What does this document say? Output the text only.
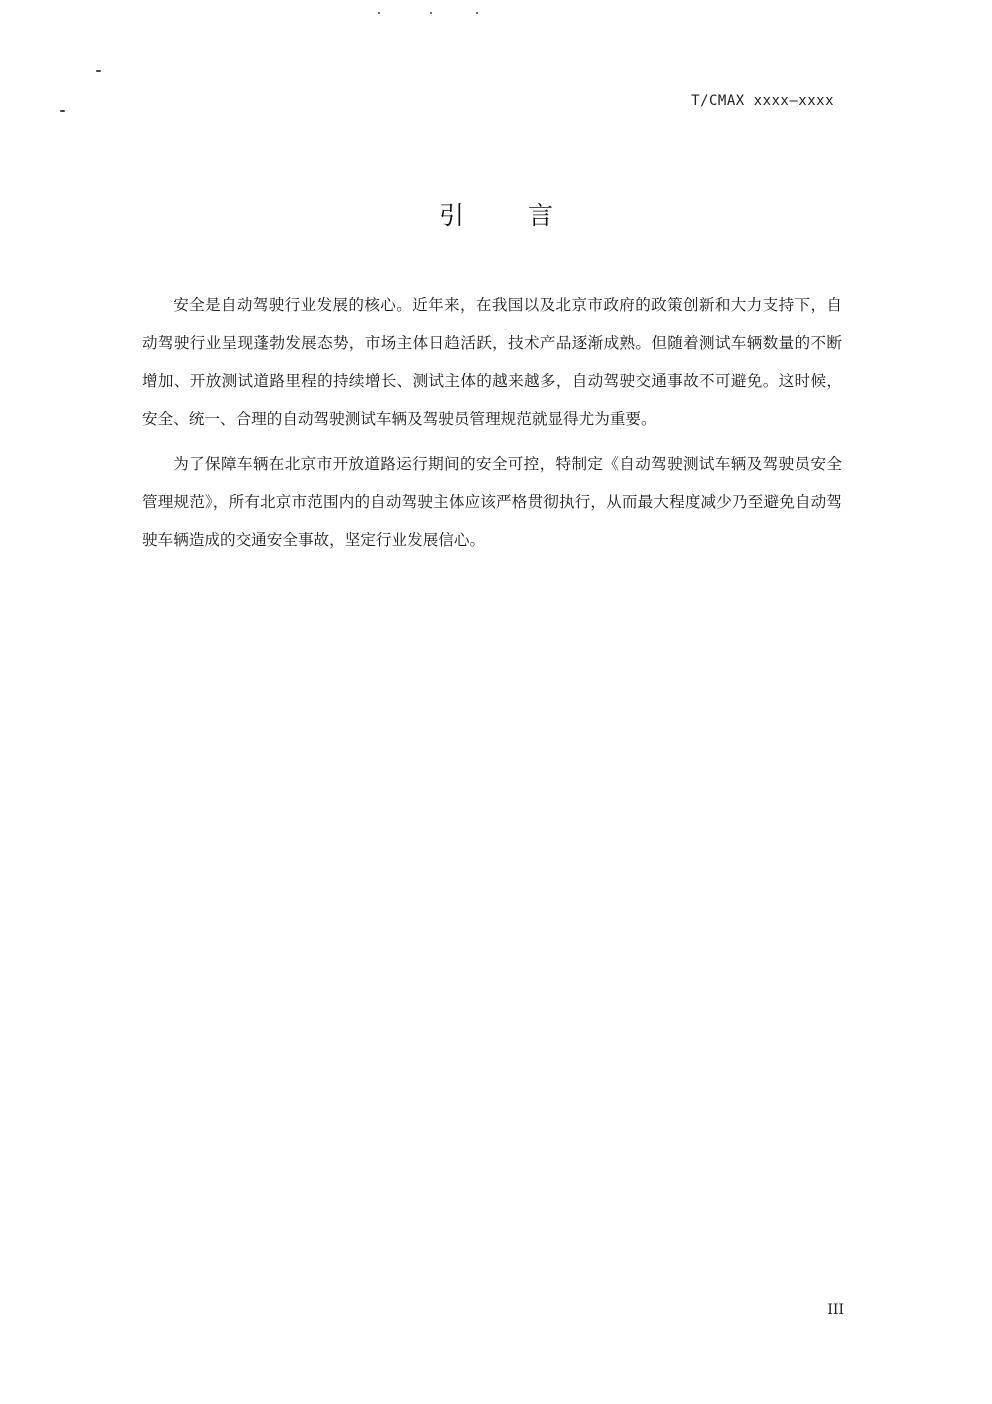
T/CMAX xxxx—xxxx
引言

安全是自动驾驶行业发展的核心。近年来，在我国以及北京市政府的政策创新和大力支持下，自动驾驶行业呈现蓬勃发展态势，市场主体日趋活跃，技术产品逐渐成熟。但随着测试车辆数量的不断增加、开放测试道路里程的持续增长、测试主体的越来越多，自动驾驶交通事故不可避免。这时候，安全、统一、合理的自动驾驶测试车辆及驾驶员管理规范就显得尤为重要。

为了保障车辆在北京市开放道路运行期间的安全可控，特制定《自动驾驶测试车辆及驾驶员安全管理规范》，所有北京市范围内的自动驾驶主体应该严格贯彻执行，从而最大程度减少乃至避免自动驾驶车辆造成的交通安全事故，坚定行业发展信心。

III
